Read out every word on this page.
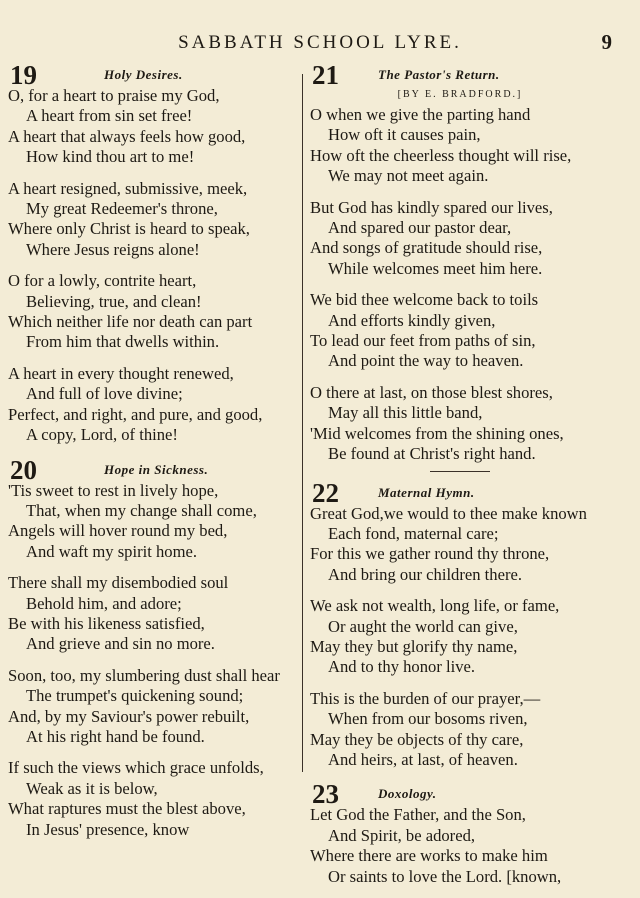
SABBATH SCHOOL LYRE.	9
19	Holy Desires.
O, for a heart to praise my God,
A heart from sin set free!
A heart that always feels how good,
How kind thou art to me!
A heart resigned, submissive, meek,
My great Redeemer's throne,
Where only Christ is heard to speak,
Where Jesus reigns alone!
O for a lowly, contrite heart,
Believing, true, and clean!
Which neither life nor death can part
From him that dwells within.
A heart in every thought renewed,
And full of love divine;
Perfect, and right, and pure, and good,
A copy, Lord, of thine!
20	Hope in Sickness.
'Tis sweet to rest in lively hope,
That, when my change shall come,
Angels will hover round my bed,
And waft my spirit home.
There shall my disembodied soul
Behold him, and adore;
Be with his likeness satisfied,
And grieve and sin no more.
Soon, too, my slumbering dust shall hear
The trumpet's quickening sound;
And, by my Saviour's power rebuilt,
At his right hand be found.
If such the views which grace unfolds,
Weak as it is below,
What raptures must the blest above,
In Jesus' presence, know
21	The Pastor's Return.
[BY E. BRADFORD.]
O when we give the parting hand
How oft it causes pain,
How oft the cheerless thought will rise,
We may not meet again.
But God has kindly spared our lives,
And spared our pastor dear,
And songs of gratitude should rise,
While welcomes meet him here.
We bid thee welcome back to toils
And efforts kindly given,
To lead our feet from paths of sin,
And point the way to heaven.
O there at last, on those blest shores,
May all this little band,
'Mid welcomes from the shining ones,
Be found at Christ's right hand.
22	Maternal Hymn.
Great God,we would to thee make known
Each fond, maternal care;
For this we gather round thy throne,
And bring our children there.
We ask not wealth, long life, or fame,
Or aught the world can give,
May they but glorify thy name,
And to thy honor live.
This is the burden of our prayer,—
When from our bosoms riven,
May they be objects of thy care,
And heirs, at last, of heaven.
23	Doxology.
Let God the Father, and the Son,
And Spirit, be adored,
Where there are works to make him
Or saints to love the Lord. [known,
